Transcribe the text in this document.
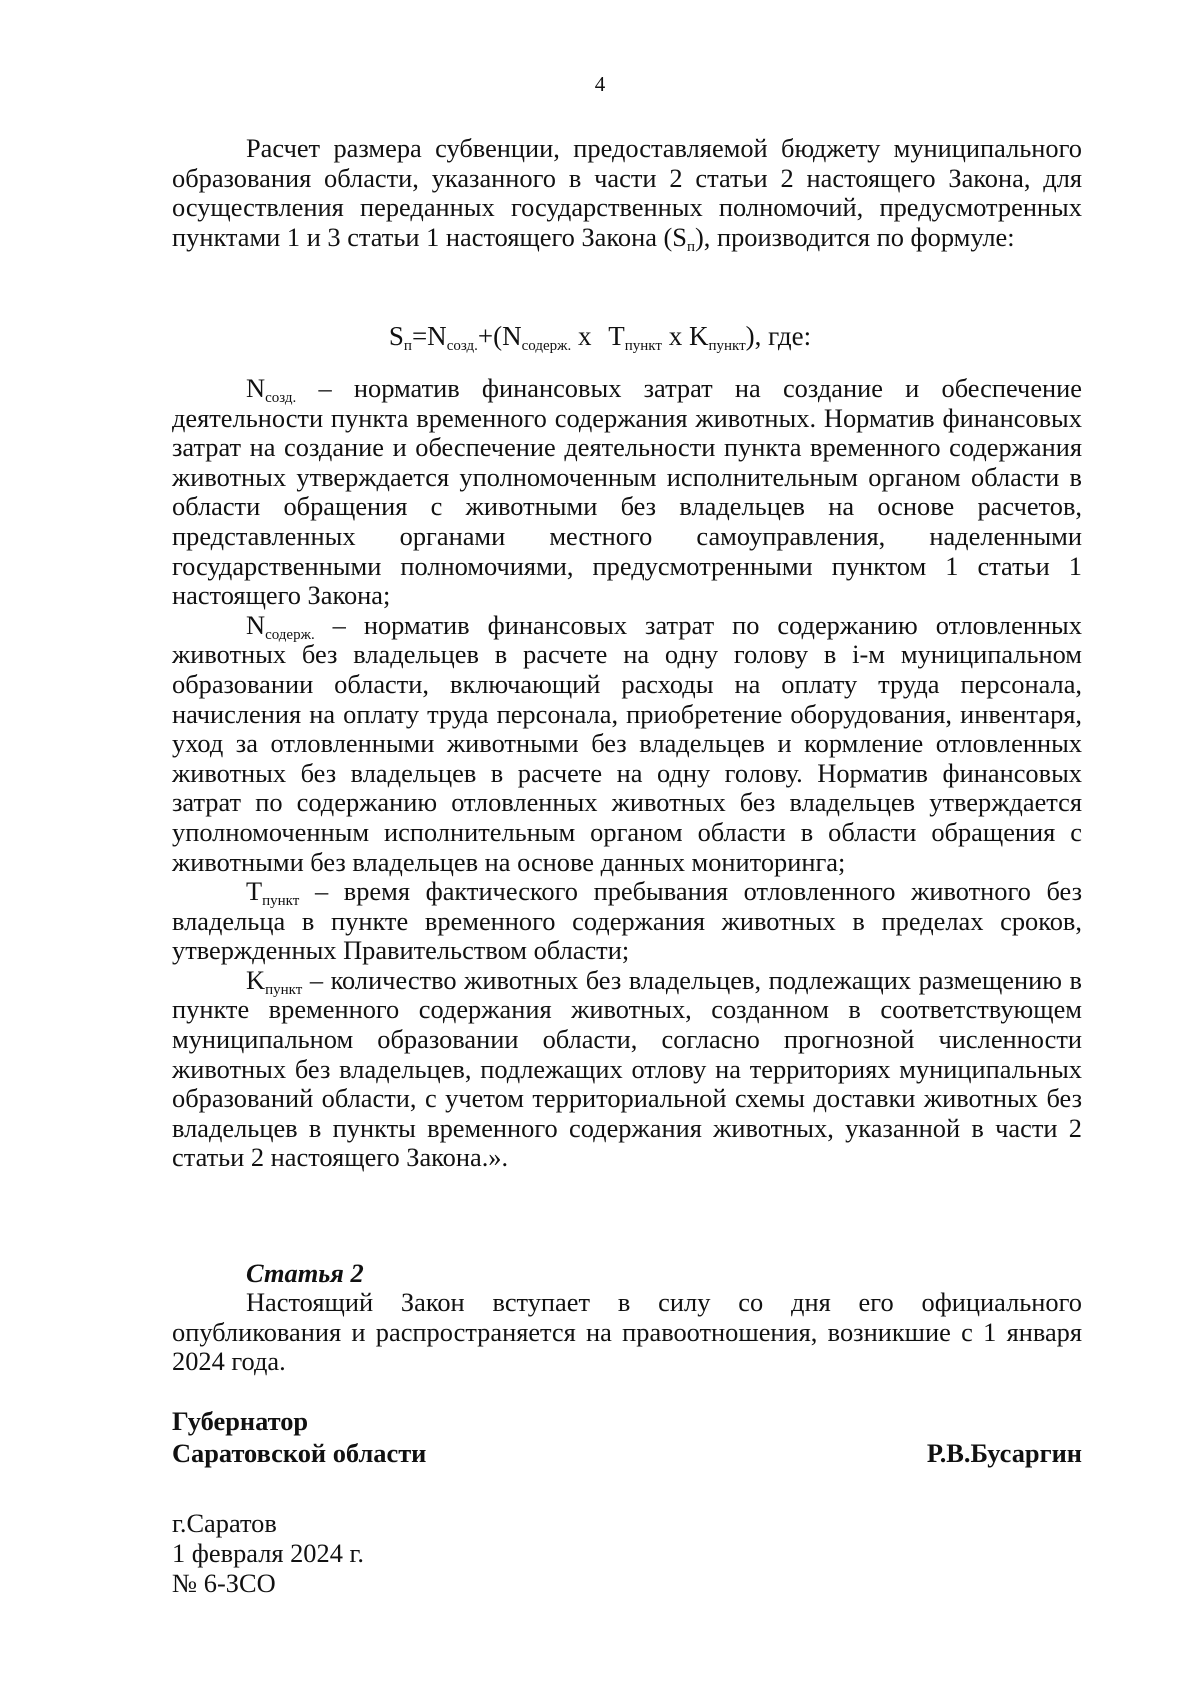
4

Расчет размера субвенции, предоставляемой бюджету муниципального образования области, указанного в части 2 статьи 2 настоящего Закона, для осуществления переданных государственных полномочий, предусмотренных пунктами 1 и 3 статьи 1 настоящего Закона $(S_п)$, производится по формуле:

$S_п=N_{созд.}+(N_{содерж.}$ x $T_{пункт}$ x $K_{пункт}$), где:

$N_{созд.}$ – норматив финансовых затрат на создание и обеспечение деятельности пункта временного содержания животных. Норматив финансовых затрат на создание и обеспечение деятельности пункта временного содержания животных утверждается уполномоченным исполнительным органом области в области обращения с животными без владельцев на основе расчетов, представленных органами местного самоуправления, наделенными государственными полномочиями, предусмотренными пунктом 1 статьи 1 настоящего Закона;

$N_{содерж.}$ – норматив финансовых затрат по содержанию отловленных животных без владельцев в расчете на одну голову в i-м муниципальном образовании области, включающий расходы на оплату труда персонала, начисления на оплату труда персонала, приобретение оборудования, инвентаря, уход за отловленными животными без владельцев и кормление отловленных животных без владельцев в расчете на одну голову. Норматив финансовых затрат по содержанию отловленных животных без владельцев утверждается уполномоченным исполнительным органом области в области обращения с животными без владельцев на основе данных мониторинга;

$T_{пункт}$ – время фактического пребывания отловленного животного без владельца в пункте временного содержания животных в пределах сроков, утвержденных Правительством области;

$K_{пункт}$ – количество животных без владельцев, подлежащих размещению в пункте временного содержания животных, созданном в соответствующем муниципальном образовании области, согласно прогнозной численности животных без владельцев, подлежащих отлову на территориях муниципальных образований области, с учетом территориальной схемы доставки животных без владельцев в пункты временного содержания животных, указанной в части 2 статьи 2 настоящего Закона.».

Статья 2

Настоящий Закон вступает в силу со дня его официального опубликования и распространяется на правоотношения, возникшие с 1 января 2024 года.

Губернатор
Саратовской области	Р.В.Бусаргин
г.Саратов
1 февраля 2024 г.
№ 6-ЗСО
